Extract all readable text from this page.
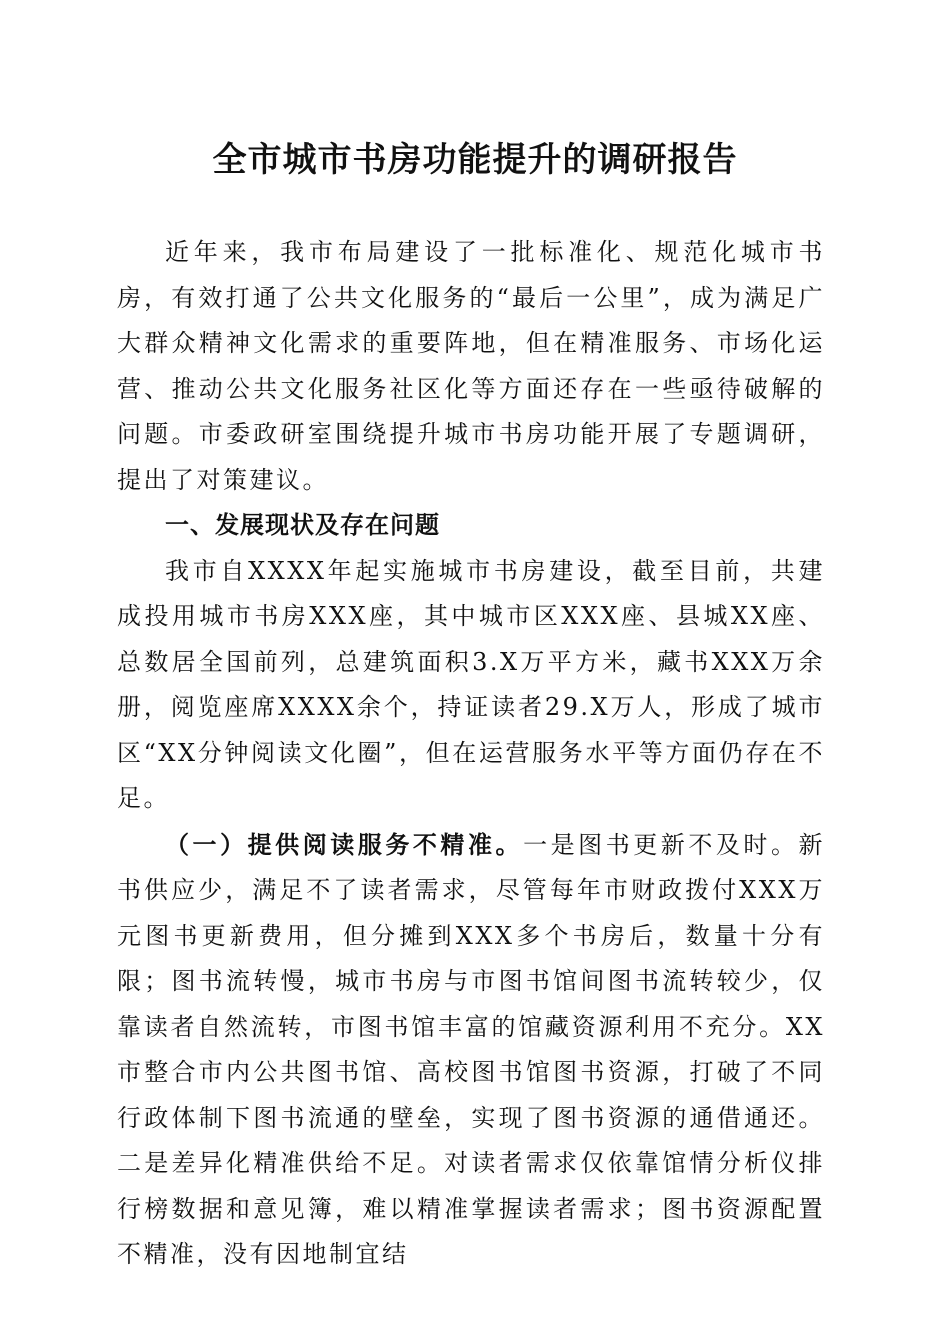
全市城市书房功能提升的调研报告

近年来，我市布局建设了一批标准化、规范化城市书房，有效打通了公共文化服务的“最后一公里”，成为满足广大群众精神文化需求的重要阵地，但在精准服务、市场化运营、推动公共文化服务社区化等方面还存在一些亟待破解的问题。市委政研室围绕提升城市书房功能开展了专题调研，提出了对策建议。

一、发展现状及存在问题

我市自XXXX年起实施城市书房建设，截至目前，共建成投用城市书房XXX座，其中城市区XXX座、县城XX座、总数居全国前列，总建筑面积3.X万平方米，藏书XXX万余册，阅览座席XXXX余个，持证读者29.X万人，形成了城市区“XX分钟阅读文化圈”，但在运营服务水平等方面仍存在不足。

（一）提供阅读服务不精准。一是图书更新不及时。新书供应少，满足不了读者需求，尽管每年市财政拨付XXX万元图书更新费用，但分摊到XXX多个书房后，数量十分有限；图书流转慢，城市书房与市图书馆间图书流转较少，仅靠读者自然流转，市图书馆丰富的馆藏资源利用不充分。XX市整合市内公共图书馆、高校图书馆图书资源，打破了不同行政体制下图书流通的壁垒，实现了图书资源的通借通还。二是差异化精准供给不足。对读者需求仅依靠馆情分析仪排行榜数据和意见簿，难以精准掌握读者需求；图书资源配置不精准，没有因地制宜结
